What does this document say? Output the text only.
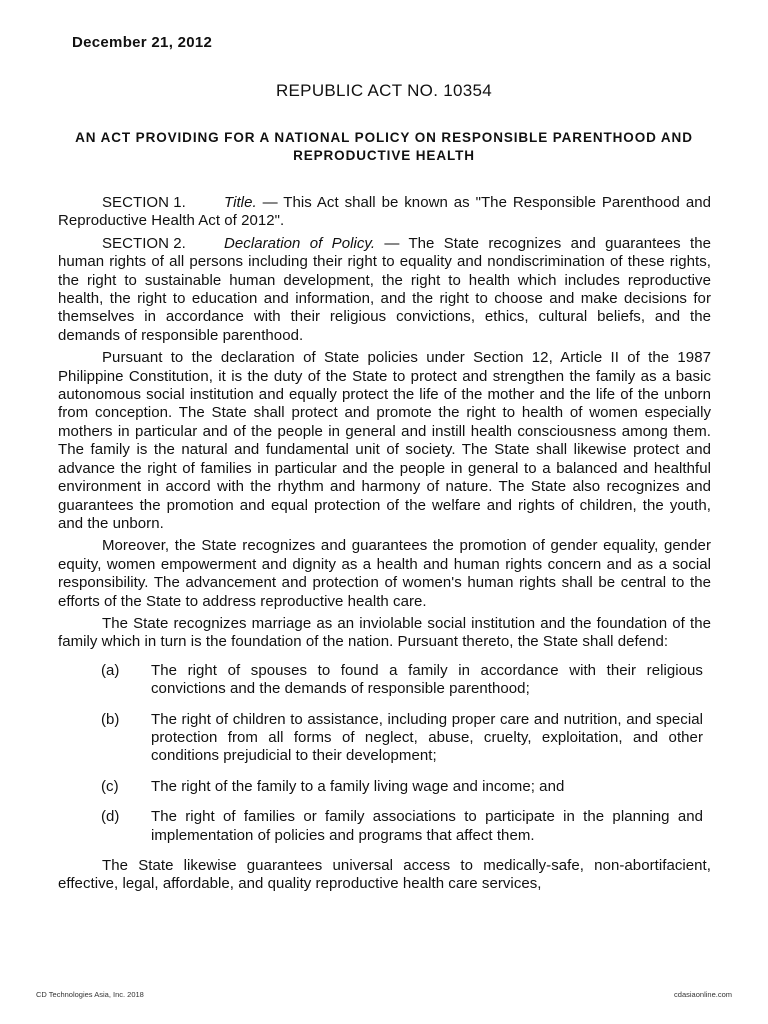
December 21, 2012
REPUBLIC ACT NO. 10354
AN ACT PROVIDING FOR A NATIONAL POLICY ON RESPONSIBLE PARENTHOOD AND REPRODUCTIVE HEALTH

SECTION 1.	Title. — This Act shall be known as "The Responsible Parenthood and Reproductive Health Act of 2012".

SECTION 2.	Declaration of Policy. — The State recognizes and guarantees the human rights of all persons including their right to equality and nondiscrimination of these rights, the right to sustainable human development, the right to health which includes reproductive health, the right to education and information, and the right to choose and make decisions for themselves in accordance with their religious convictions, ethics, cultural beliefs, and the demands of responsible parenthood.

Pursuant to the declaration of State policies under Section 12, Article II of the 1987 Philippine Constitution, it is the duty of the State to protect and strengthen the family as a basic autonomous social institution and equally protect the life of the mother and the life of the unborn from conception. The State shall protect and promote the right to health of women especially mothers in particular and of the people in general and instill health consciousness among them. The family is the natural and fundamental unit of society. The State shall likewise protect and advance the right of families in particular and the people in general to a balanced and healthful environment in accord with the rhythm and harmony of nature. The State also recognizes and guarantees the promotion and equal protection of the welfare and rights of children, the youth, and the unborn.

Moreover, the State recognizes and guarantees the promotion of gender equality, gender equity, women empowerment and dignity as a health and human rights concern and as a social responsibility. The advancement and protection of women's human rights shall be central to the efforts of the State to address reproductive health care.

The State recognizes marriage as an inviolable social institution and the foundation of the family which in turn is the foundation of the nation. Pursuant thereto, the State shall defend:

(a)	The right of spouses to found a family in accordance with their religious convictions and the demands of responsible parenthood;
(b)	The right of children to assistance, including proper care and nutrition, and special protection from all forms of neglect, abuse, cruelty, exploitation, and other conditions prejudicial to their development;
(c)	The right of the family to a family living wage and income; and
(d)	The right of families or family associations to participate in the planning and implementation of policies and programs that affect them.

The State likewise guarantees universal access to medically-safe, non-abortifacient, effective, legal, affordable, and quality reproductive health care services,

CD Technologies Asia, Inc. 2018	cdasiaonline.com
